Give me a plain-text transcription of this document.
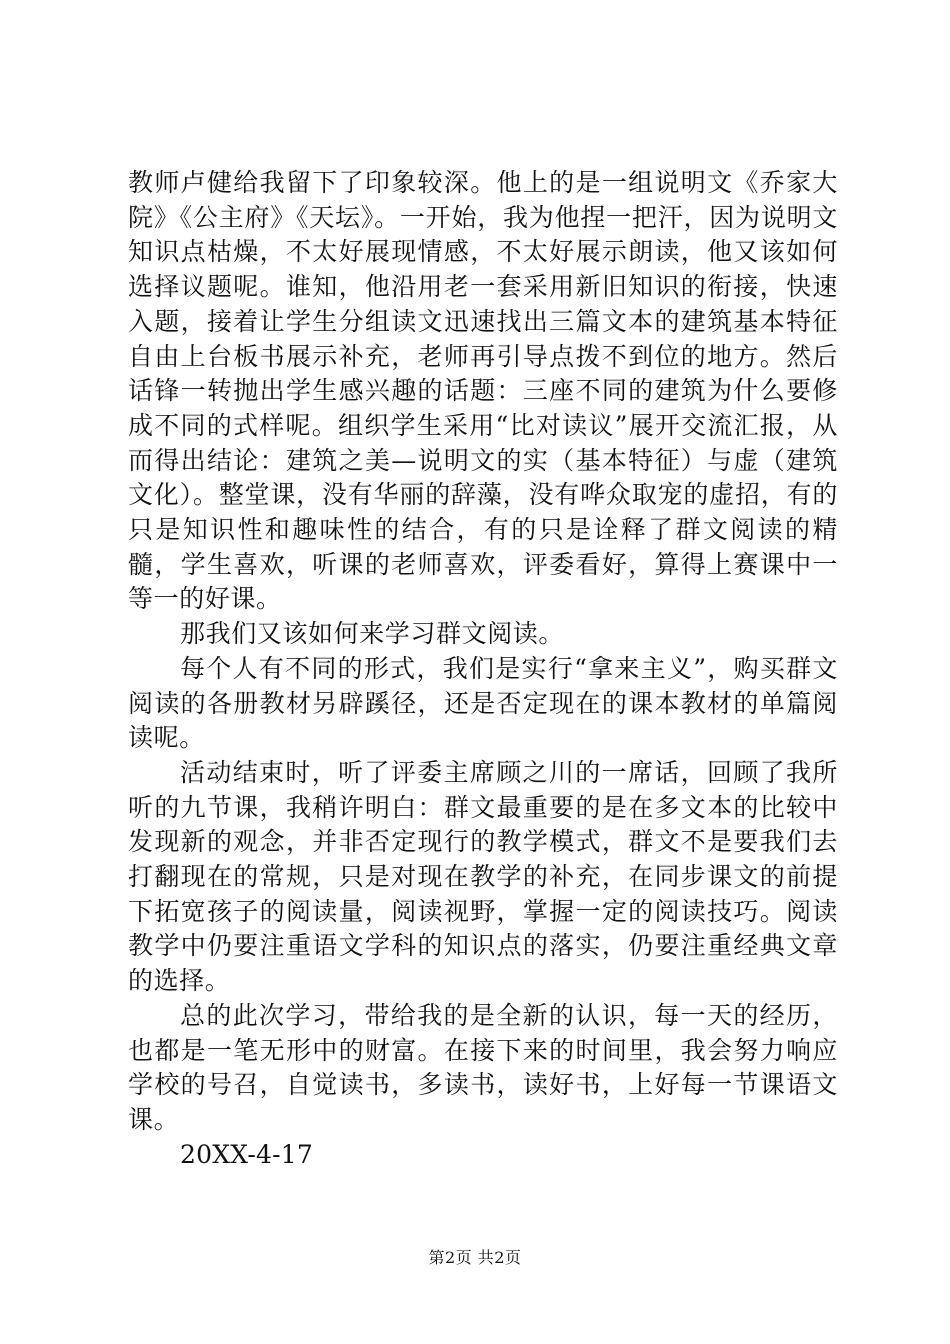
教师卢健给我留下了印象较深。他上的是一组说明文《乔家大院》《公主府》《天坛》。一开始，我为他捏一把汗，因为说明文知识点枯燥，不太好展现情感，不太好展示朗读，他又该如何选择议题呢。谁知，他沿用老一套采用新旧知识的衔接，快速入题，接着让学生分组读文迅速找出三篇文本的建筑基本特征自由上台板书展示补充，老师再引导点拨不到位的地方。然后话锋一转抛出学生感兴趣的话题：三座不同的建筑为什么要修成不同的式样呢。组织学生采用“比对读议”展开交流汇报，从而得出结论：建筑之美—说明文的实（基本特征）与虚（建筑文化）。整堂课，没有华丽的辞藻，没有哗众取宠的虚招，有的只是知识性和趣味性的结合，有的只是诠释了群文阅读的精髓，学生喜欢，听课的老师喜欢，评委看好，算得上赛课中一等一的好课。

那我们又该如何来学习群文阅读。

每个人有不同的形式，我们是实行“拿来主义”，购买群文阅读的各册教材另辟蹊径，还是否定现在的课本教材的单篇阅读呢。

活动结束时，听了评委主席顾之川的一席话，回顾了我所听的九节课，我稍许明白：群文最重要的是在多文本的比较中发现新的观念，并非否定现行的教学模式，群文不是要我们去打翻现在的常规，只是对现在教学的补充，在同步课文的前提下拓宽孩子的阅读量，阅读视野，掌握一定的阅读技巧。阅读教学中仍要注重语文学科的知识点的落实，仍要注重经典文章的选择。

总的此次学习，带给我的是全新的认识，每一天的经历，也都是一笔无形中的财富。在接下来的时间里，我会努力响应学校的号召，自觉读书，多读书，读好书，上好每一节课语文课。

20XX-4-17

第2页 共2页
